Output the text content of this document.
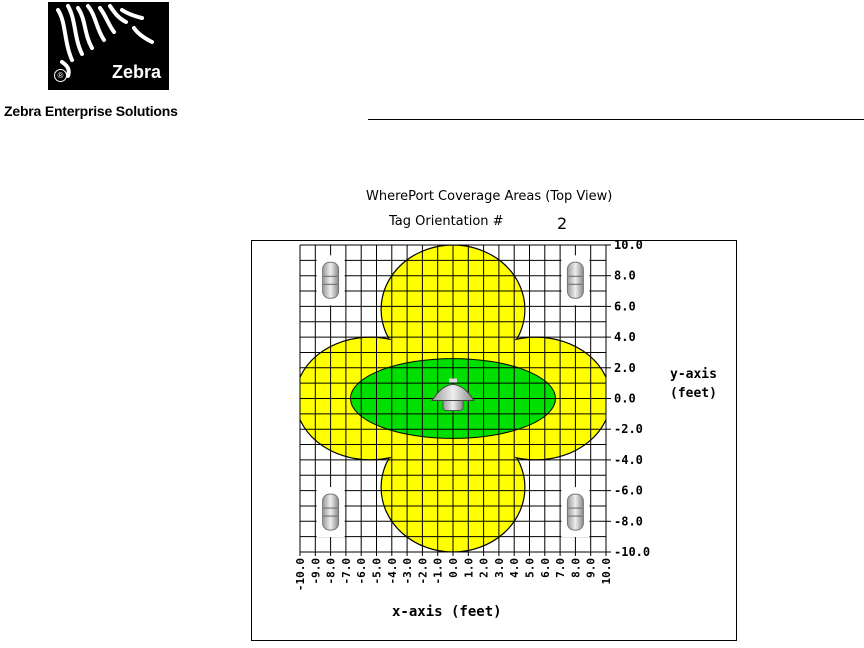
®	Zebra
Zebra Enterprise Solutions
WherePort Coverage Areas (Top View)
Tag Orientation #	2
-10.0 -9.0 -8.0 -7.0 -6.0 -5.0 -4.0 -3.0 -2.0 -1.0 0.0 1.0 2.0 3.0 4.0 5.0 6.0 7.0 8.0 9.0 10.0
10.0
8.0
6.0
4.0
2.0
0.0
-2.0
-4.0
-6.0
-8.0
-10.0
y-axis
(feet)
x-axis (feet)
